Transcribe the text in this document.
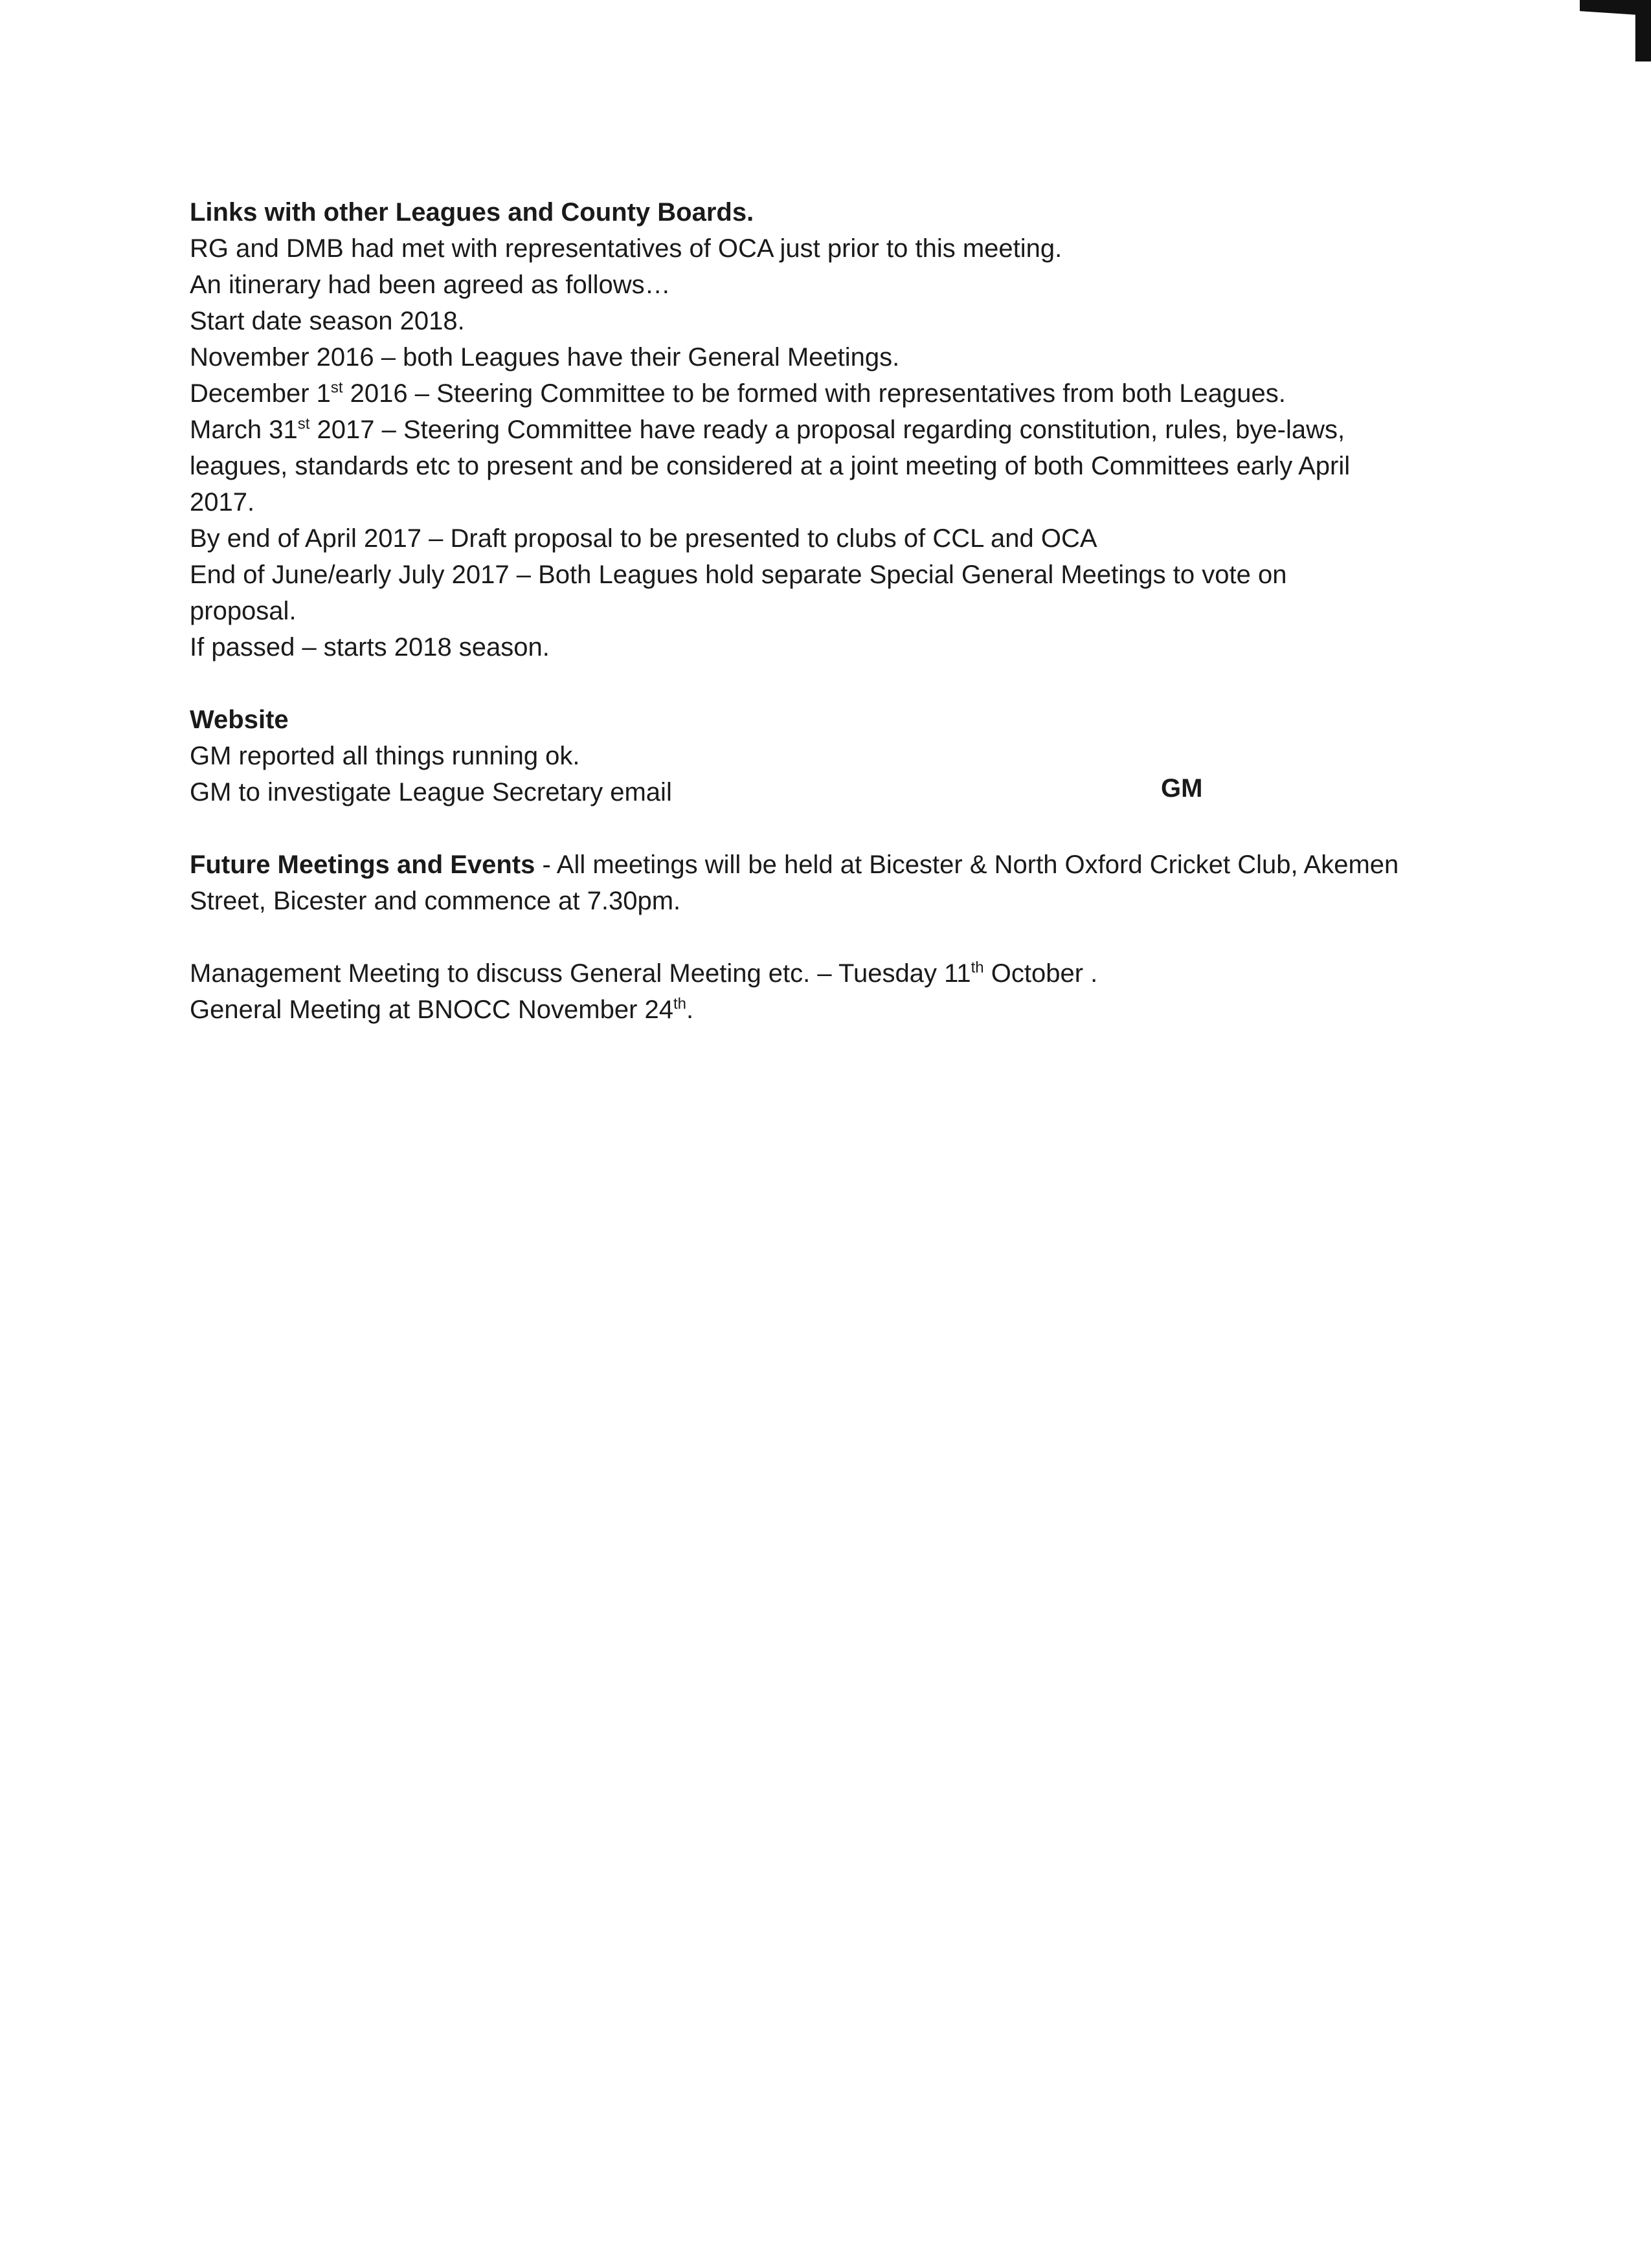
Links with other Leagues and County Boards.
RG and DMB had met with representatives of OCA just prior to this meeting.
An itinerary had been agreed as follows…
Start date season 2018.
November 2016 – both Leagues have their General Meetings.
December 1st 2016 – Steering Committee to be formed with representatives from both Leagues.
March 31st 2017 – Steering Committee have ready a proposal regarding constitution, rules, bye-laws, leagues, standards etc to present and be considered at a joint meeting of both Committees early April 2017.
By end of April 2017 – Draft proposal to be presented to clubs of CCL and OCA
End of June/early July 2017 – Both Leagues hold separate Special General Meetings to vote on proposal.
If passed – starts 2018 season.
Website
GM reported all things running ok.
GM to investigate League Secretary email	GM
Future Meetings and Events - All meetings will be held at Bicester & North Oxford Cricket Club, Akemen Street, Bicester and commence at 7.30pm.
Management Meeting to discuss General Meeting etc. – Tuesday 11th October .
General Meeting at BNOCC November 24th.
